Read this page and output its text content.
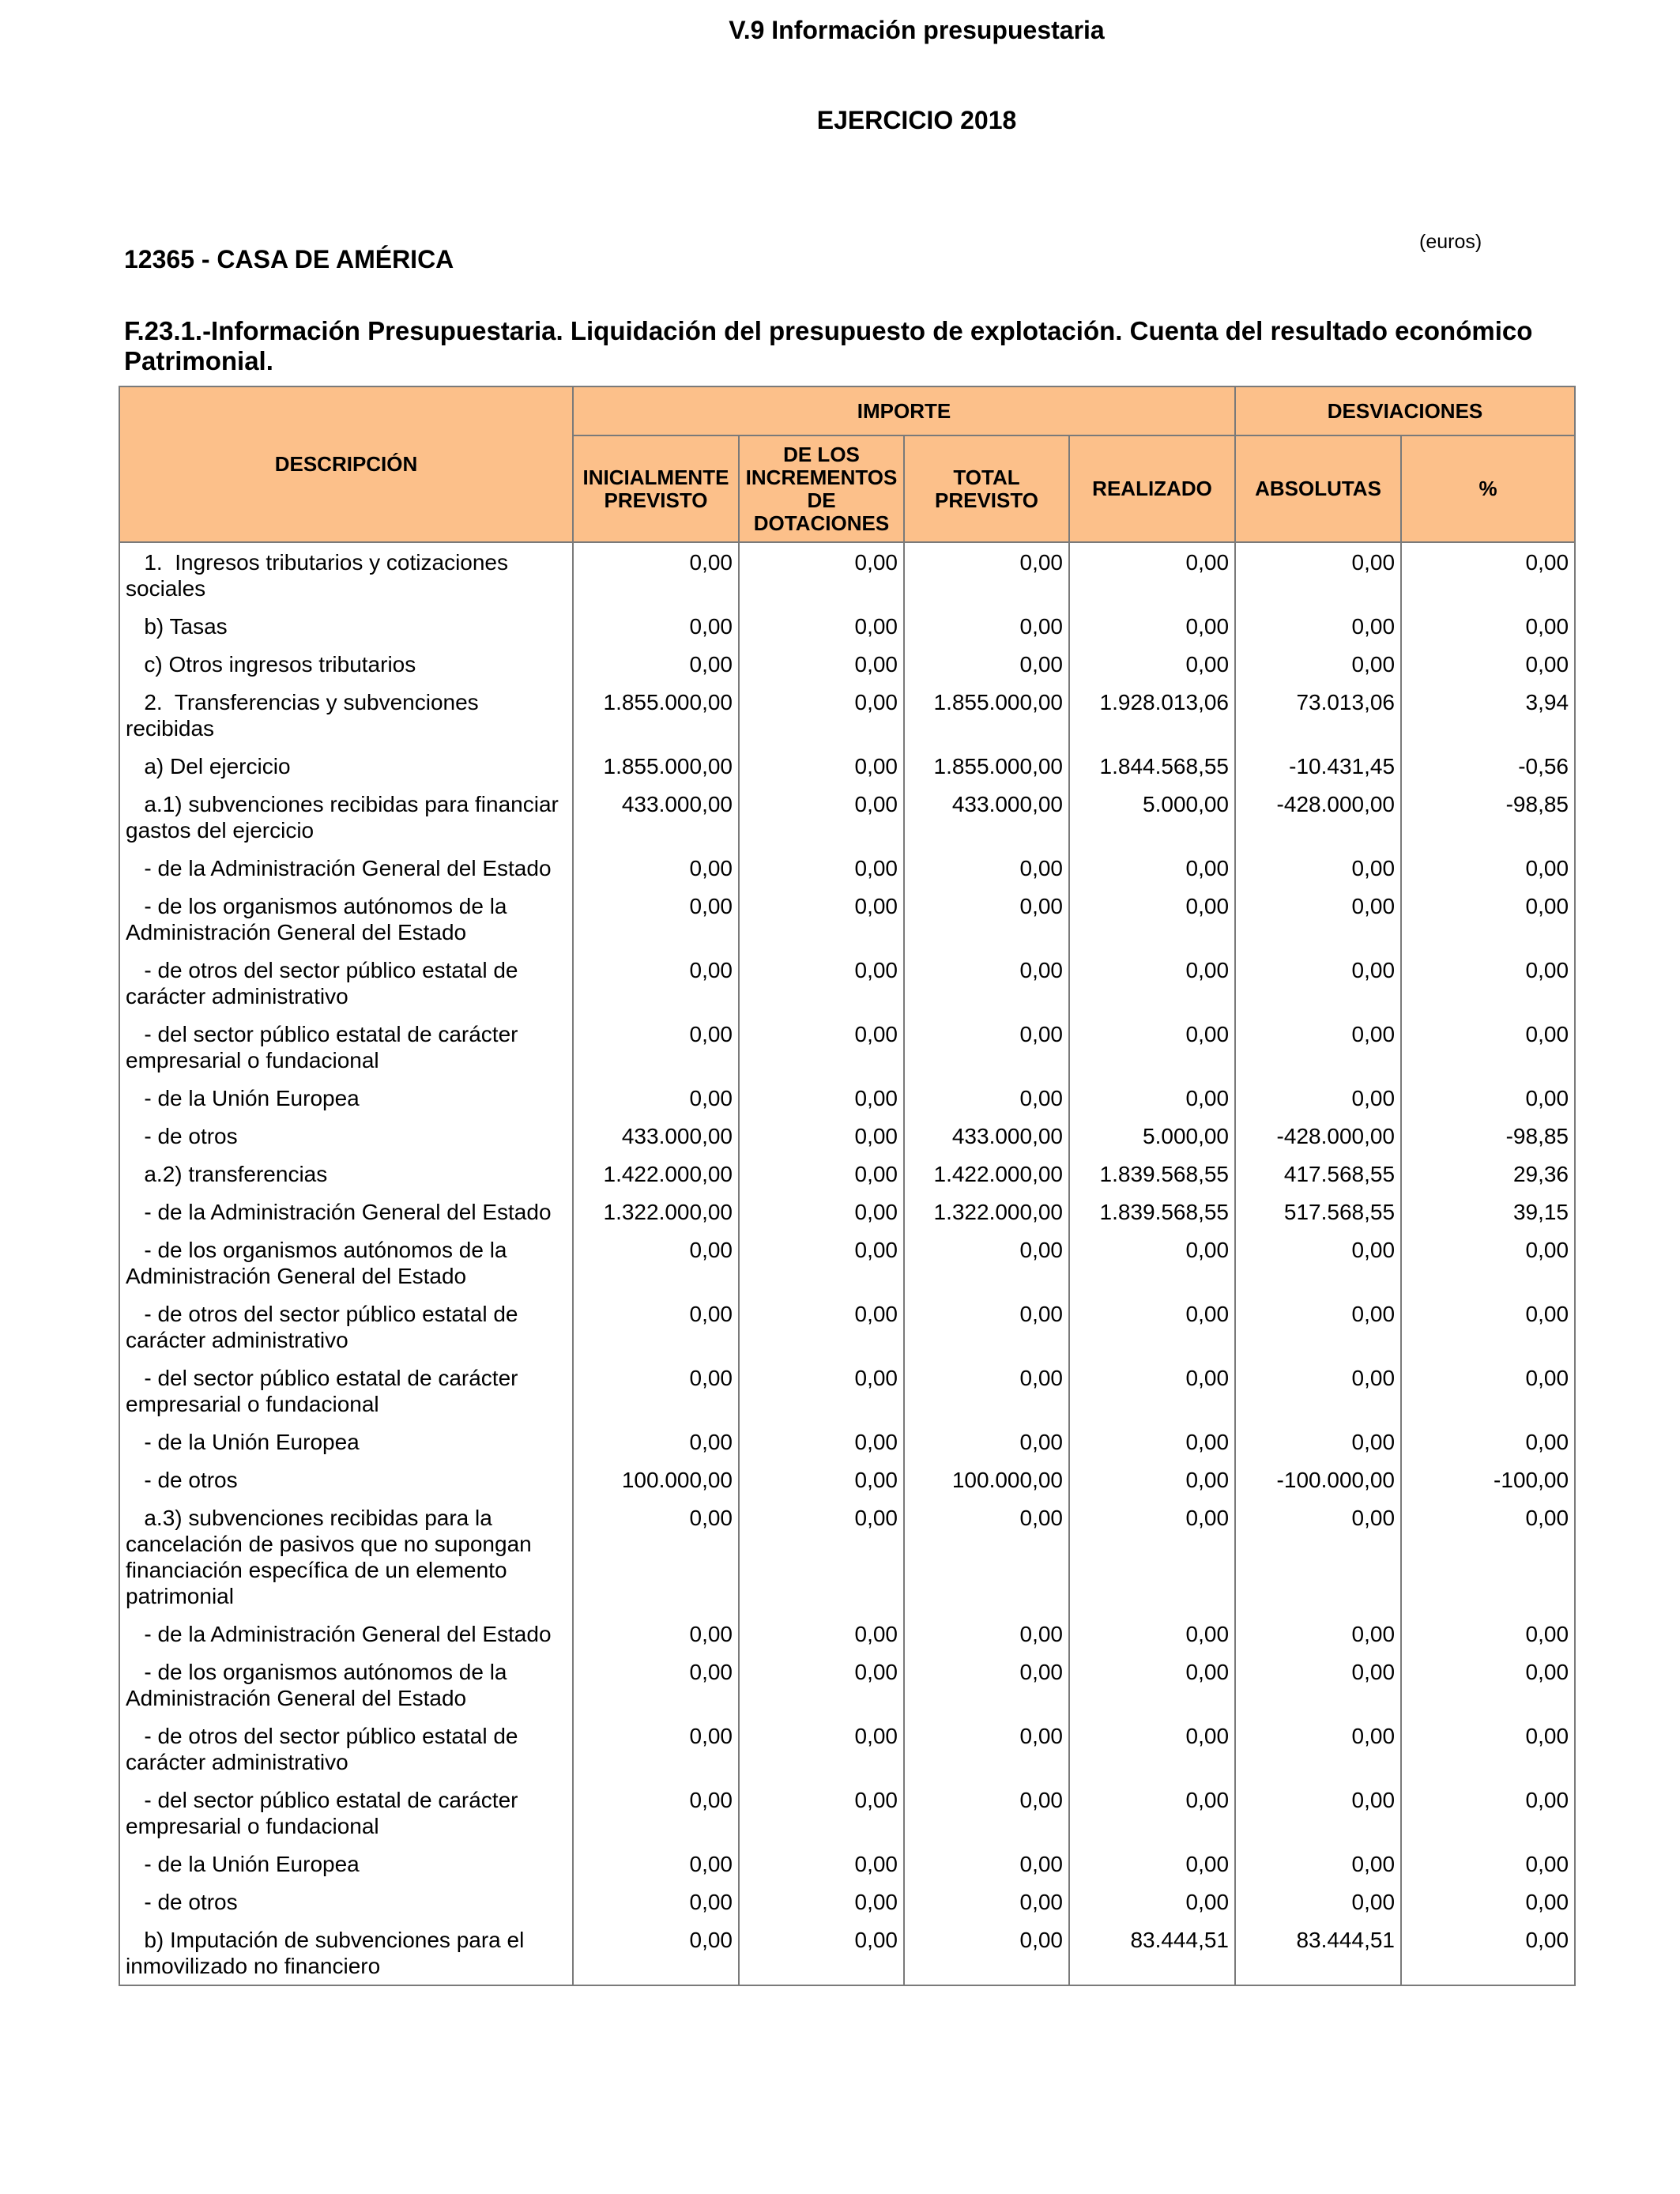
V.9 Información presupuestaria
EJERCICIO 2018
12365 - CASA DE AMÉRICA
(euros)
F.23.1.-Información Presupuestaria. Liquidación del presupuesto de explotación. Cuenta del resultado económico Patrimonial.
DESCRIPCIÓN	IMPORTE				DESVIACIONES	
	INICIALMENTE PREVISTO	DE LOS INCREMENTOS DE DOTACIONES	TOTAL PREVISTO	REALIZADO	ABSOLUTAS	%
1.  Ingresos tributarios y cotizaciones sociales	0,00	0,00	0,00	0,00	0,00	0,00
b) Tasas	0,00	0,00	0,00	0,00	0,00	0,00
c) Otros ingresos tributarios	0,00	0,00	0,00	0,00	0,00	0,00
2.  Transferencias y subvenciones recibidas	1.855.000,00	0,00	1.855.000,00	1.928.013,06	73.013,06	3,94
a) Del ejercicio	1.855.000,00	0,00	1.855.000,00	1.844.568,55	-10.431,45	-0,56
a.1) subvenciones recibidas para financiar gastos del ejercicio	433.000,00	0,00	433.000,00	5.000,00	-428.000,00	-98,85
- de la Administración General del Estado	0,00	0,00	0,00	0,00	0,00	0,00
- de los organismos autónomos de la Administración General del Estado	0,00	0,00	0,00	0,00	0,00	0,00
- de otros del sector público estatal de carácter administrativo	0,00	0,00	0,00	0,00	0,00	0,00
- del sector público estatal de carácter empresarial o fundacional	0,00	0,00	0,00	0,00	0,00	0,00
- de la Unión Europea	0,00	0,00	0,00	0,00	0,00	0,00
- de otros	433.000,00	0,00	433.000,00	5.000,00	-428.000,00	-98,85
a.2) transferencias	1.422.000,00	0,00	1.422.000,00	1.839.568,55	417.568,55	29,36
- de la Administración General del Estado	1.322.000,00	0,00	1.322.000,00	1.839.568,55	517.568,55	39,15
- de los organismos autónomos de la Administración General del Estado	0,00	0,00	0,00	0,00	0,00	0,00
- de otros del sector público estatal de carácter administrativo	0,00	0,00	0,00	0,00	0,00	0,00
- del sector público estatal de carácter empresarial o fundacional	0,00	0,00	0,00	0,00	0,00	0,00
- de la Unión Europea	0,00	0,00	0,00	0,00	0,00	0,00
- de otros	100.000,00	0,00	100.000,00	0,00	-100.000,00	-100,00
a.3) subvenciones recibidas para la cancelación de pasivos que no supongan financiación específica de un elemento patrimonial	0,00	0,00	0,00	0,00	0,00	0,00
- de la Administración General del Estado	0,00	0,00	0,00	0,00	0,00	0,00
- de los organismos autónomos de la Administración General del Estado	0,00	0,00	0,00	0,00	0,00	0,00
- de otros del sector público estatal de carácter administrativo	0,00	0,00	0,00	0,00	0,00	0,00
- del sector público estatal de carácter empresarial o fundacional	0,00	0,00	0,00	0,00	0,00	0,00
- de la Unión Europea	0,00	0,00	0,00	0,00	0,00	0,00
- de otros	0,00	0,00	0,00	0,00	0,00	0,00
b) Imputación de subvenciones para el inmovilizado no financiero	0,00	0,00	0,00	83.444,51	83.444,51	0,00
